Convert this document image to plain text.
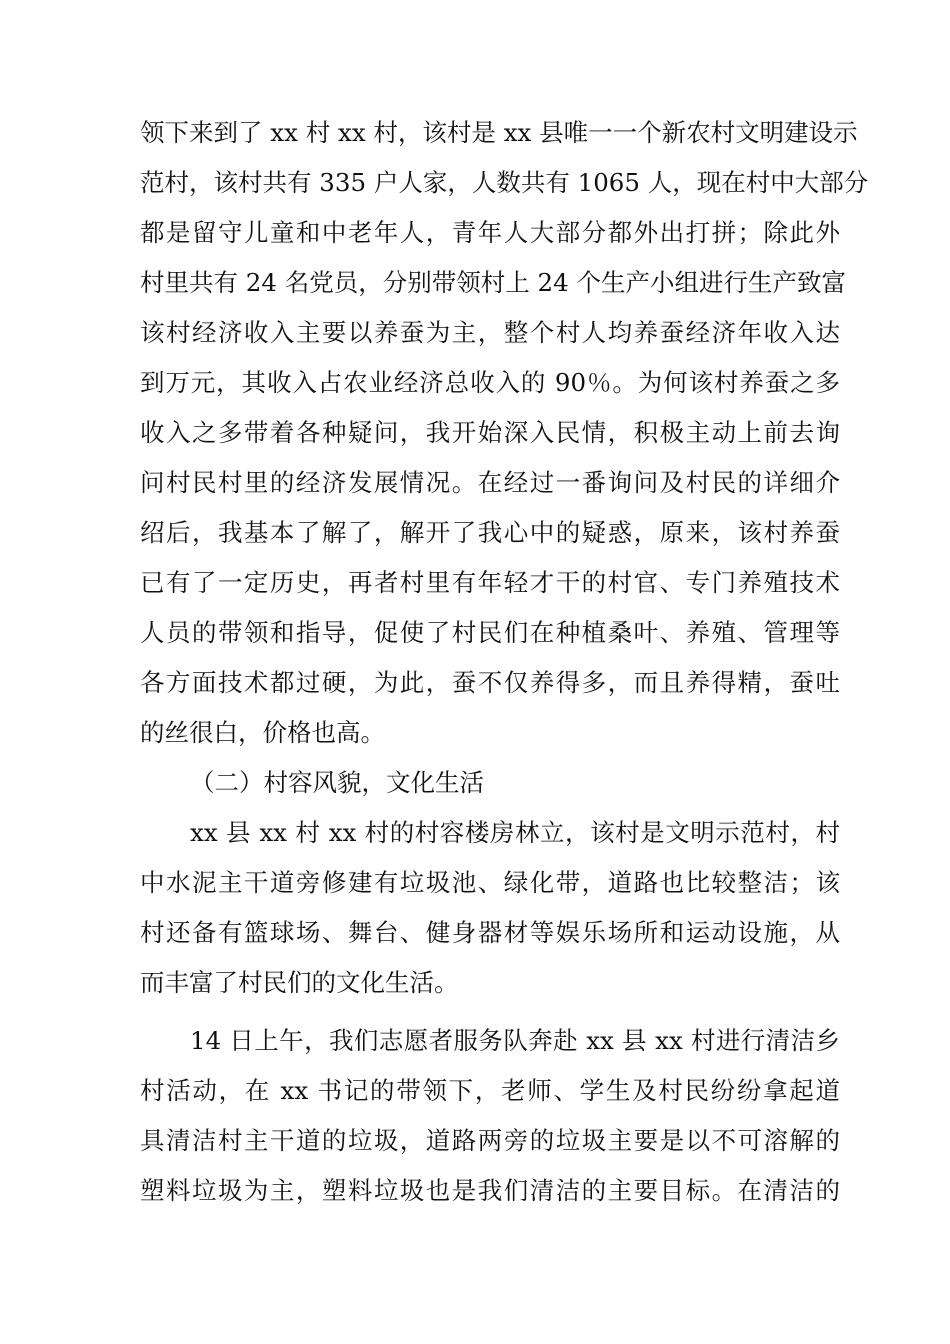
领下来到了 xx 村 xx 村，该村是 xx 县唯一一个新农村文明建设示
范村，该村共有 335 户人家，人数共有 1065 人，现在村中大部分
都是留守儿童和中老年人，青年人大部分都外出打拼；除此外
村里共有 24 名党员，分别带领村上 24 个生产小组进行生产致富
该村经济收入主要以养蚕为主，整个村人均养蚕经济年收入达
到万元，其收入占农业经济总收入的 90％。为何该村养蚕之多
收入之多带着各种疑问，我开始深入民情，积极主动上前去询
问村民村里的经济发展情况。在经过一番询问及村民的详细介
绍后，我基本了解了，解开了我心中的疑惑，原来，该村养蚕
已有了一定历史，再者村里有年轻才干的村官、专门养殖技术
人员的带领和指导，促使了村民们在种植桑叶、养殖、管理等
各方面技术都过硬，为此，蚕不仅养得多，而且养得精，蚕吐
的丝很白，价格也高。
（二）村容风貌，文化生活
xx 县 xx 村 xx 村的村容楼房林立，该村是文明示范村，村
中水泥主干道旁修建有垃圾池、绿化带，道路也比较整洁；该
村还备有篮球场、舞台、健身器材等娱乐场所和运动设施，从
而丰富了村民们的文化生活。
14 日上午，我们志愿者服务队奔赴 xx 县 xx 村进行清洁乡
村活动，在 xx 书记的带领下，老师、学生及村民纷纷拿起道
具清洁村主干道的垃圾，道路两旁的垃圾主要是以不可溶解的
塑料垃圾为主，塑料垃圾也是我们清洁的主要目标。在清洁的
